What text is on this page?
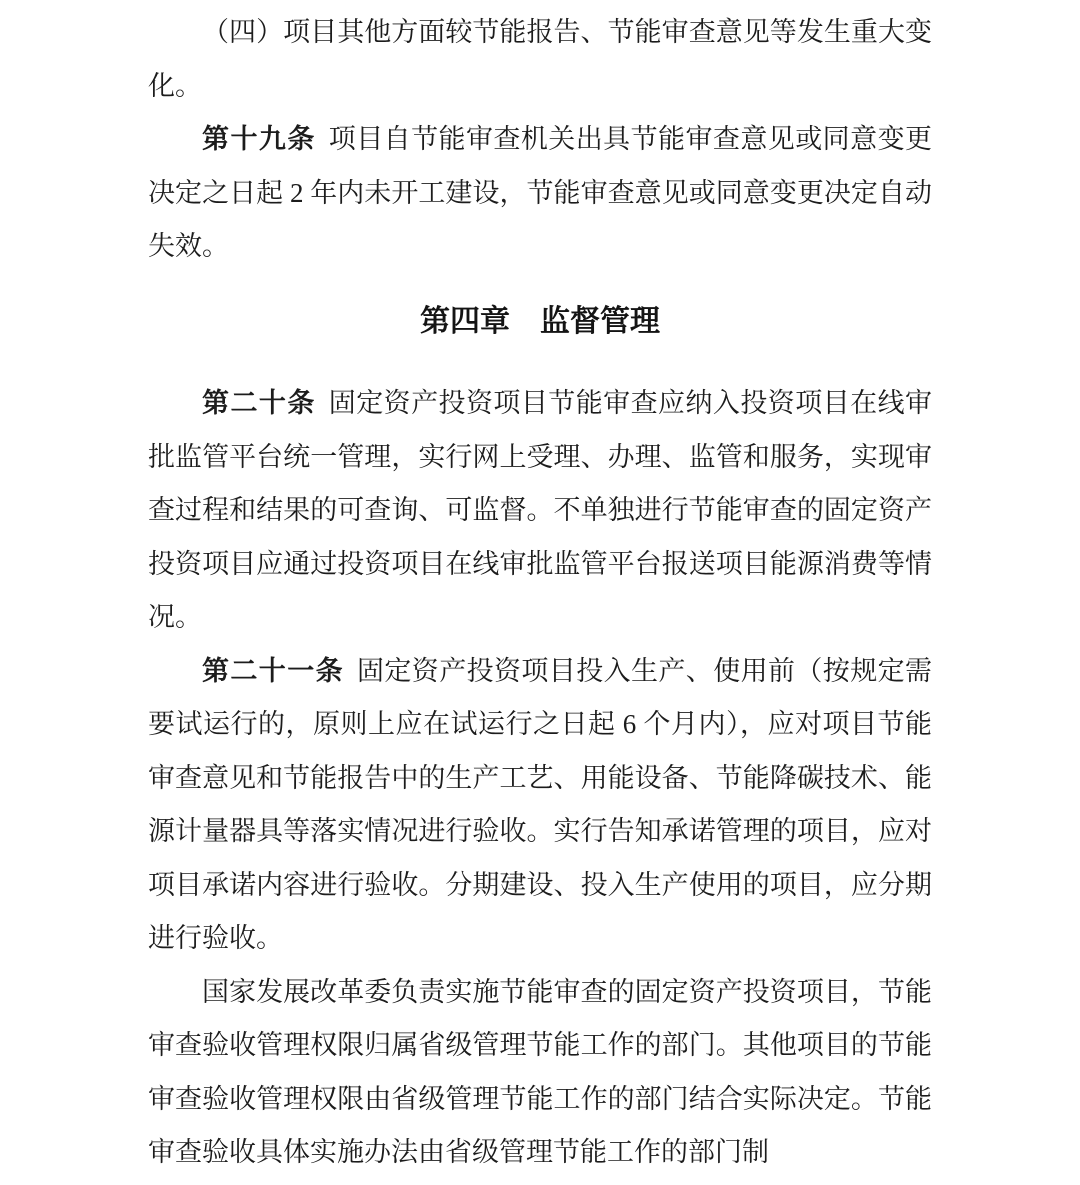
（四）项目其他方面较节能报告、节能审查意见等发生重大变化。

第十九条 项目自节能审查机关出具节能审查意见或同意变更决定之日起 2 年内未开工建设，节能审查意见或同意变更决定自动失效。

第四章　监督管理

第二十条 固定资产投资项目节能审查应纳入投资项目在线审批监管平台统一管理，实行网上受理、办理、监管和服务，实现审查过程和结果的可查询、可监督。不单独进行节能审查的固定资产投资项目应通过投资项目在线审批监管平台报送项目能源消费等情况。

第二十一条 固定资产投资项目投入生产、使用前（按规定需要试运行的，原则上应在试运行之日起 6 个月内），应对项目节能审查意见和节能报告中的生产工艺、用能设备、节能降碳技术、能源计量器具等落实情况进行验收。实行告知承诺管理的项目，应对项目承诺内容进行验收。分期建设、投入生产使用的项目，应分期进行验收。

国家发展改革委负责实施节能审查的固定资产投资项目，节能审查验收管理权限归属省级管理节能工作的部门。其他项目的节能审查验收管理权限由省级管理节能工作的部门结合实际决定。节能审查验收具体实施办法由省级管理节能工作的部门制
